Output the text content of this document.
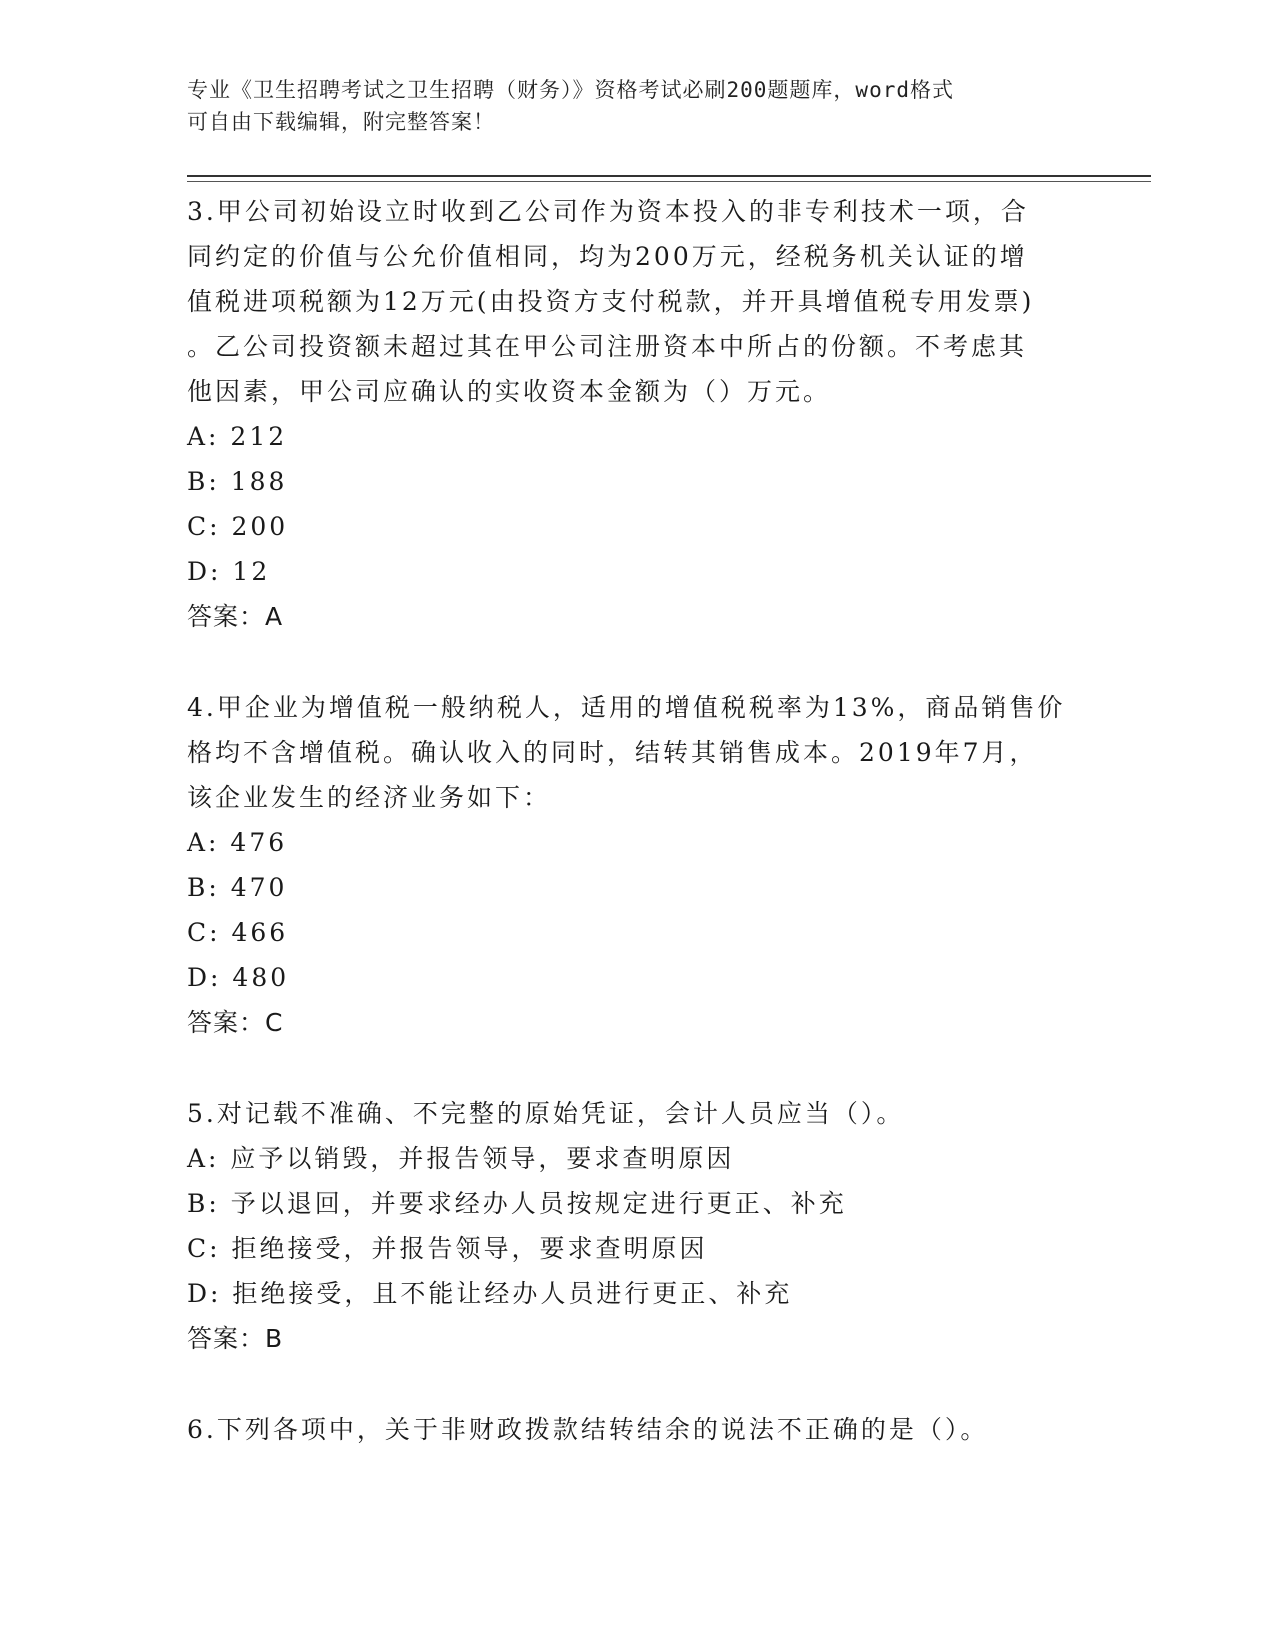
专业《卫生招聘考试之卫生招聘（财务）》资格考试必刷200题题库，word格式
可自由下载编辑，附完整答案！
3.甲公司初始设立时收到乙公司作为资本投入的非专利技术一项，合
同约定的价值与公允价值相同，均为200万元，经税务机关认证的增
值税进项税额为12万元(由投资方支付税款，并开具增值税专用发票)
。乙公司投资额未超过其在甲公司注册资本中所占的份额。不考虑其
他因素，甲公司应确认的实收资本金额为（）万元。
A: 212
B: 188
C: 200
D: 12
答案：A
4.甲企业为增值税一般纳税人，适用的增值税税率为13%，商品销售价
格均不含增值税。确认收入的同时，结转其销售成本。2019年7月，
该企业发生的经济业务如下：
A: 476
B: 470
C: 466
D: 480
答案：C
5.对记载不准确、不完整的原始凭证，会计人员应当（）。
A: 应予以销毁，并报告领导，要求查明原因
B: 予以退回，并要求经办人员按规定进行更正、补充
C: 拒绝接受，并报告领导，要求查明原因
D: 拒绝接受，且不能让经办人员进行更正、补充
答案：B
6.下列各项中，关于非财政拨款结转结余的说法不正确的是（）。
